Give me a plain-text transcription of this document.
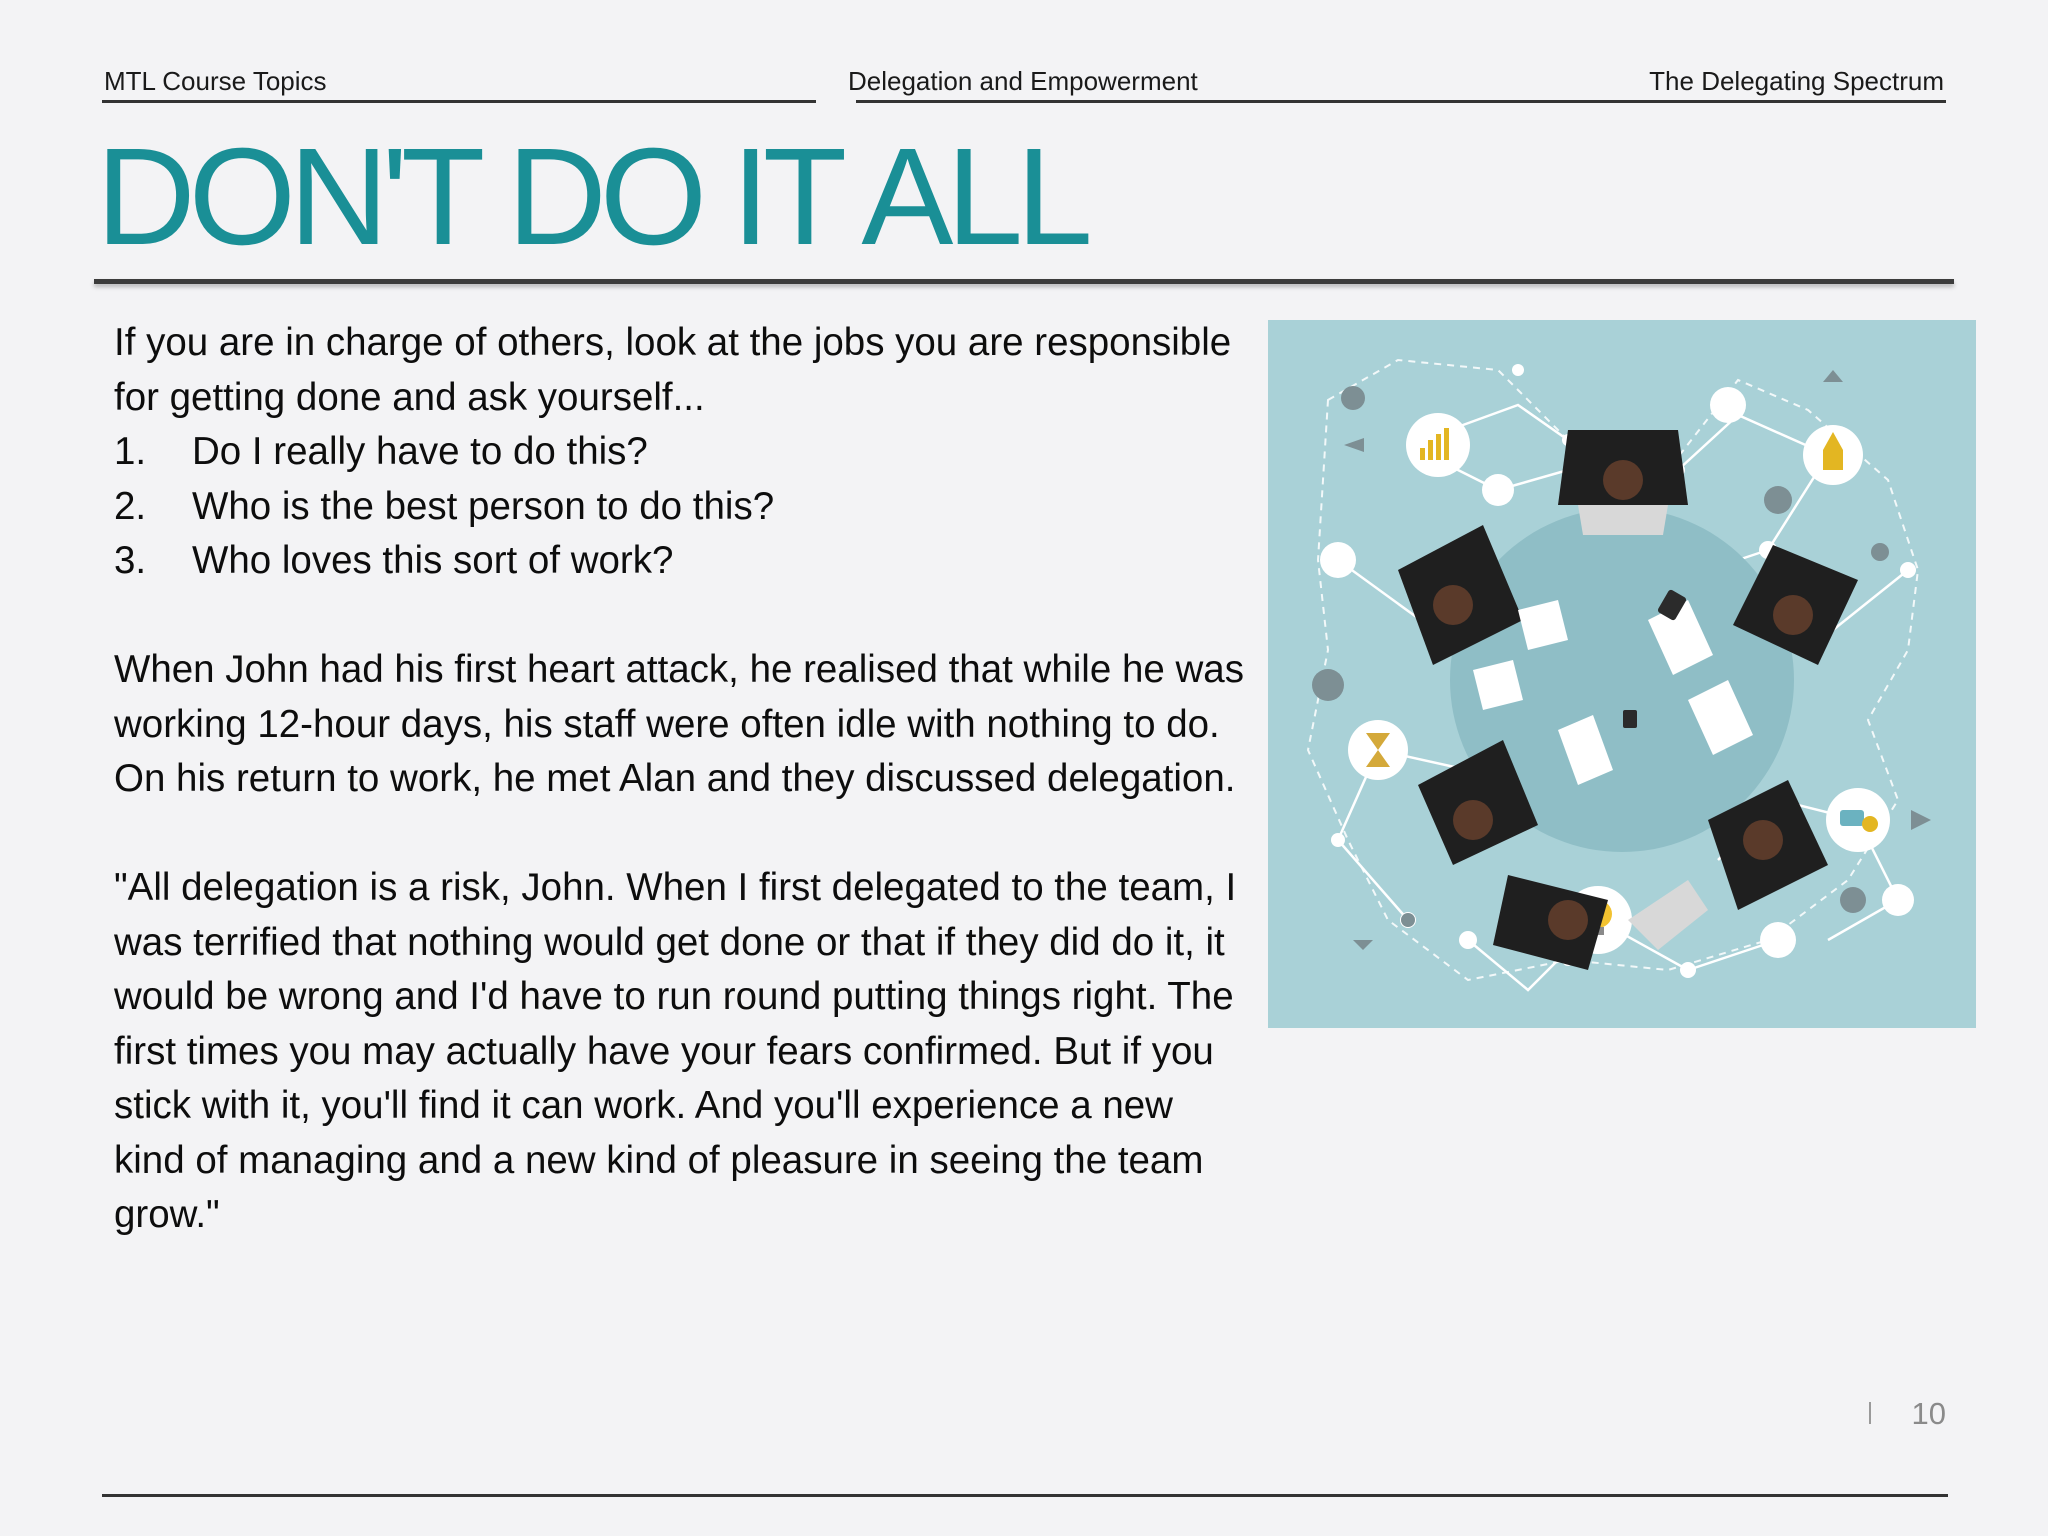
MTL Course Topics	Delegation and Empowerment	The Delegating Spectrum
DON'T DO IT ALL

If you are in charge of others, look at the jobs you are responsible for getting done and ask yourself...

1.	Do I really have to do this?
2.	Who is the best person to do this?
3.	Who loves this sort of work?

When John had his first heart attack, he realised that while he was working 12-hour days, his staff were often idle with nothing to do. On his return to work, he met Alan and they discussed delegation.

"All delegation is a risk, John. When I first delegated to the team, I was terrified that nothing would get done or that if they did do it, it would be wrong and I'd have to run round putting things right. The first times you may actually have your fears confirmed. But if you stick with it, you'll find it can work. And you'll experience a new kind of managing and a new kind of pleasure in seeing the team grow."

10
